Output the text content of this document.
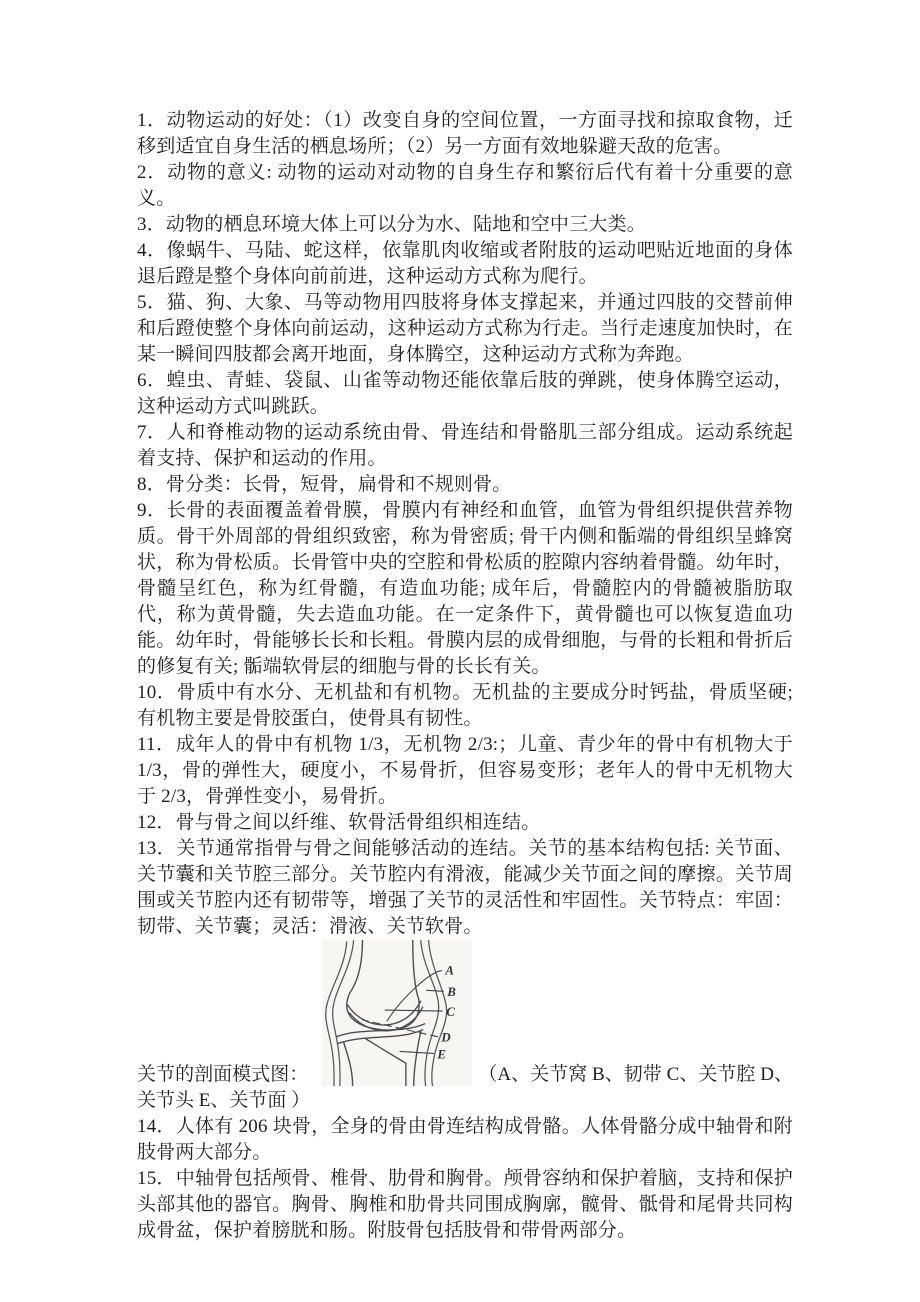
1．动物运动的好处：（1）改变自身的空间位置，一方面寻找和掠取食物，迁移到适宜自身生活的栖息场所；（2）另一方面有效地躲避天敌的危害。

2．动物的意义: 动物的运动对动物的自身生存和繁衍后代有着十分重要的意义。

3．动物的栖息环境大体上可以分为水、陆地和空中三大类。

4．像蜗牛、马陆、蛇这样，依靠肌肉收缩或者附肢的运动吧贴近地面的身体退后蹬是整个身体向前前进，这种运动方式称为爬行。

5．猫、狗、大象、马等动物用四肢将身体支撑起来，并通过四肢的交替前伸和后蹬使整个身体向前运动，这种运动方式称为行走。当行走速度加快时，在某一瞬间四肢都会离开地面，身体腾空，这种运动方式称为奔跑。

6．蝗虫、青蛙、袋鼠、山雀等动物还能依靠后肢的弹跳，使身体腾空运动，这种运动方式叫跳跃。

7．人和脊椎动物的运动系统由骨、骨连结和骨骼肌三部分组成。运动系统起着支持、保护和运动的作用。

8．骨分类：长骨，短骨，扁骨和不规则骨。

9．长骨的表面覆盖着骨膜，骨膜内有神经和血管，血管为骨组织提供营养物质。骨干外周部的骨组织致密，称为骨密质; 骨干内侧和骺端的骨组织呈蜂窝状，称为骨松质。长骨管中央的空腔和骨松质的腔隙内容纳着骨髓。幼年时，骨髓呈红色，称为红骨髓，有造血功能; 成年后，骨髓腔内的骨髓被脂肪取代，称为黄骨髓，失去造血功能。在一定条件下，黄骨髓也可以恢复造血功能。幼年时，骨能够长长和长粗。骨膜内层的成骨细胞，与骨的长粗和骨折后的修复有关; 骺端软骨层的细胞与骨的长长有关。

10．骨质中有水分、无机盐和有机物。无机盐的主要成分时钙盐，骨质坚硬; 有机物主要是骨胶蛋白，使骨具有韧性。

11．成年人的骨中有机物 1/3，无机物 2/3:；儿童、青少年的骨中有机物大于 1/3，骨的弹性大，硬度小，不易骨折，但容易变形；老年人的骨中无机物大于 2/3，骨弹性变小，易骨折。

12．骨与骨之间以纤维、软骨活骨组织相连结。

13．关节通常指骨与骨之间能够活动的连结。关节的基本结构包括: 关节面、关节囊和关节腔三部分。关节腔内有滑液，能减少关节面之间的摩擦。关节周围或关节腔内还有韧带等，增强了关节的灵活性和牢固性。关节特点：牢固：韧带、关节囊；灵活：滑液、关节软骨。

关节的剖面模式图：
A
B
C
D
E
（A、关节窝 B、韧带 C、关节腔 D、关节头 E、关节面 ）

14．人体有 206 块骨，全身的骨由骨连结构成骨骼。人体骨骼分成中轴骨和附肢骨两大部分。

15．中轴骨包括颅骨、椎骨、肋骨和胸骨。颅骨容纳和保护着脑，支持和保护头部其他的器官。胸骨、胸椎和肋骨共同围成胸廓，髋骨、骶骨和尾骨共同构成骨盆，保护着膀胱和肠。附肢骨包括肢骨和带骨两部分。
